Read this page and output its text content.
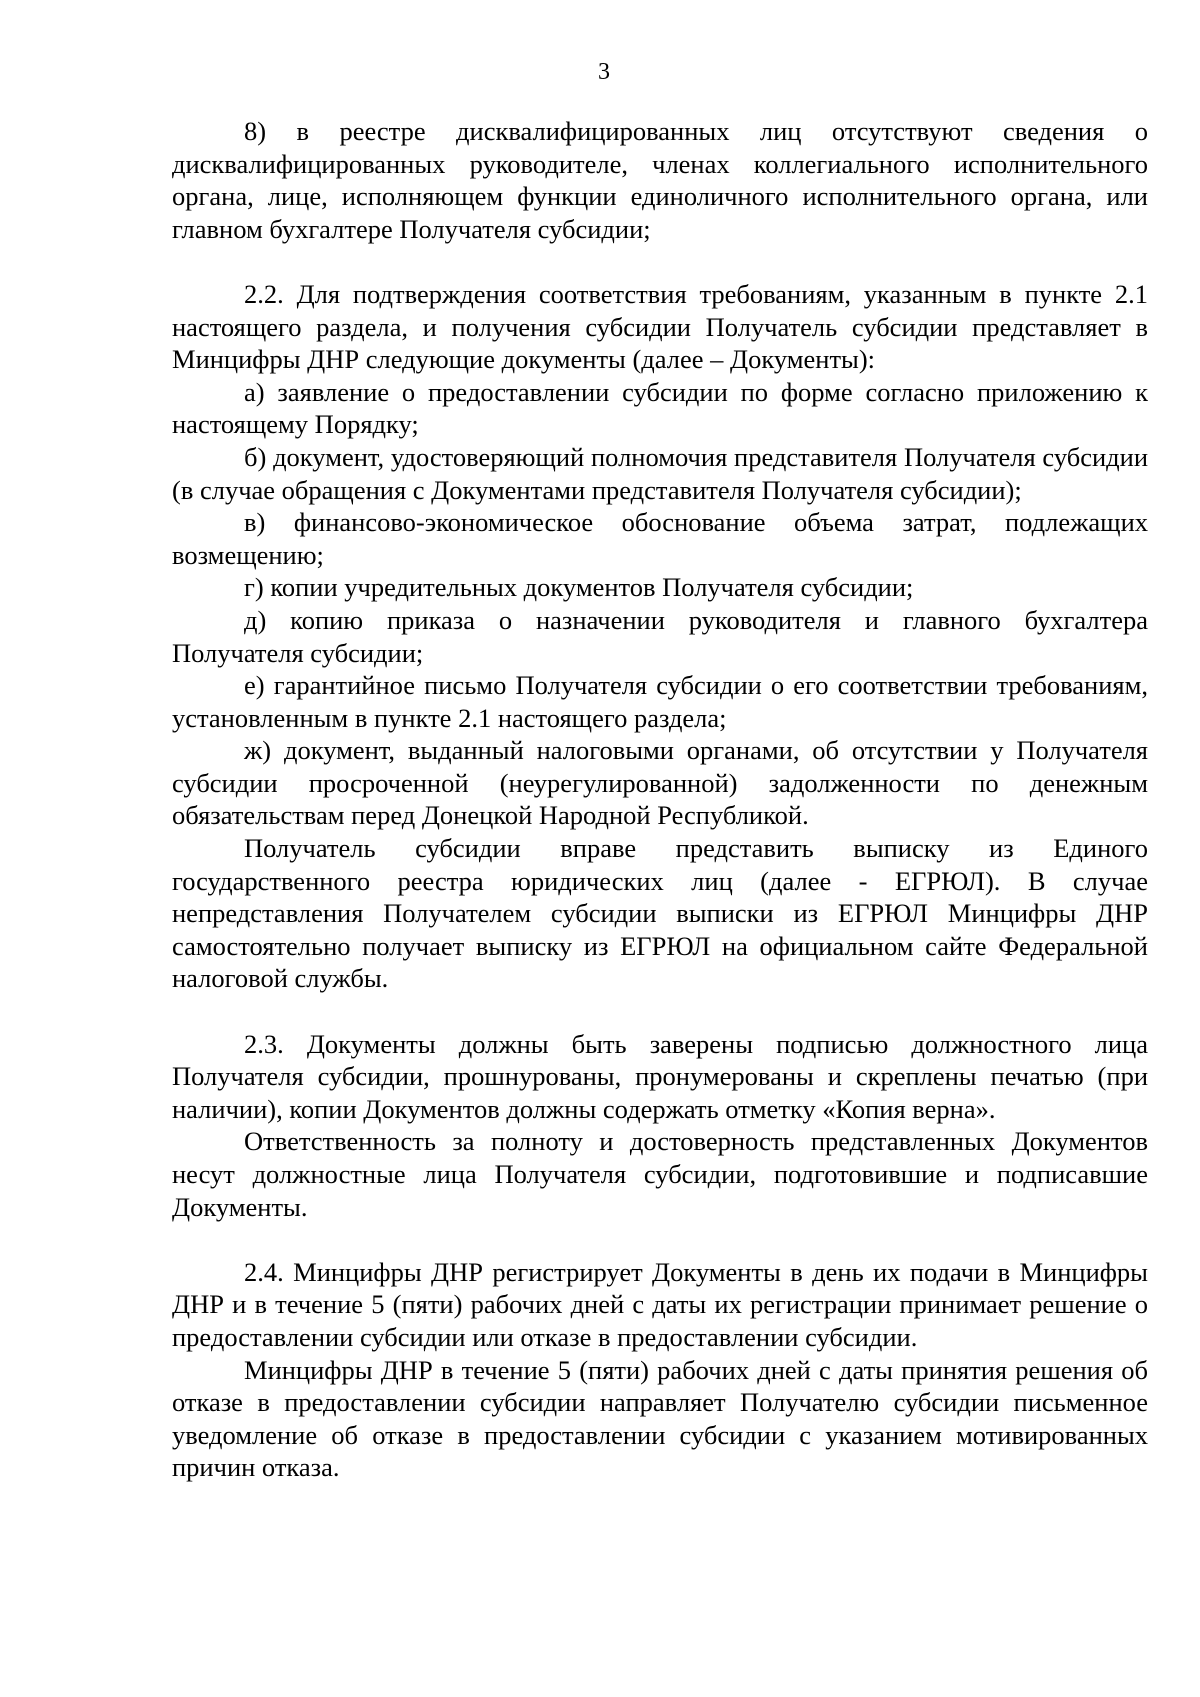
3

8) в реестре дисквалифицированных лиц отсутствуют сведения о дисквалифицированных руководителе, членах коллегиального исполнительного органа, лице, исполняющем функции единоличного исполнительного органа, или главном бухгалтере Получателя субсидии;

2.2. Для подтверждения соответствия требованиям, указанным в пункте 2.1 настоящего раздела, и получения субсидии Получатель субсидии представляет в Минцифры ДНР следующие документы (далее – Документы):

а) заявление о предоставлении субсидии по форме согласно приложению к настоящему Порядку;

б) документ, удостоверяющий полномочия представителя Получателя субсидии (в случае обращения с Документами представителя Получателя субсидии);

в) финансово-экономическое обоснование объема затрат, подлежащих возмещению;

г) копии учредительных документов Получателя субсидии;

д) копию приказа о назначении руководителя и главного бухгалтера Получателя субсидии;

е) гарантийное письмо Получателя субсидии о его соответствии требованиям, установленным в пункте 2.1 настоящего раздела;

ж) документ, выданный налоговыми органами, об отсутствии у Получателя субсидии просроченной (неурегулированной) задолженности по денежным обязательствам перед Донецкой Народной Республикой.

Получатель субсидии вправе представить выписку из Единого государственного реестра юридических лиц (далее - ЕГРЮЛ). В случае непредставления Получателем субсидии выписки из ЕГРЮЛ Минцифры ДНР самостоятельно получает выписку из ЕГРЮЛ на официальном сайте Федеральной налоговой службы.

2.3. Документы должны быть заверены подписью должностного лица Получателя субсидии, прошнурованы, пронумерованы и скреплены печатью (при наличии), копии Документов должны содержать отметку «Копия верна».

Ответственность за полноту и достоверность представленных Документов несут должностные лица Получателя субсидии, подготовившие и подписавшие Документы.

2.4. Минцифры ДНР регистрирует Документы в день их подачи в Минцифры ДНР и в течение 5 (пяти) рабочих дней с даты их регистрации принимает решение о предоставлении субсидии или отказе в предоставлении субсидии.

Минцифры ДНР в течение 5 (пяти) рабочих дней с даты принятия решения об отказе в предоставлении субсидии направляет Получателю субсидии письменное уведомление об отказе в предоставлении субсидии с указанием мотивированных причин отказа.
